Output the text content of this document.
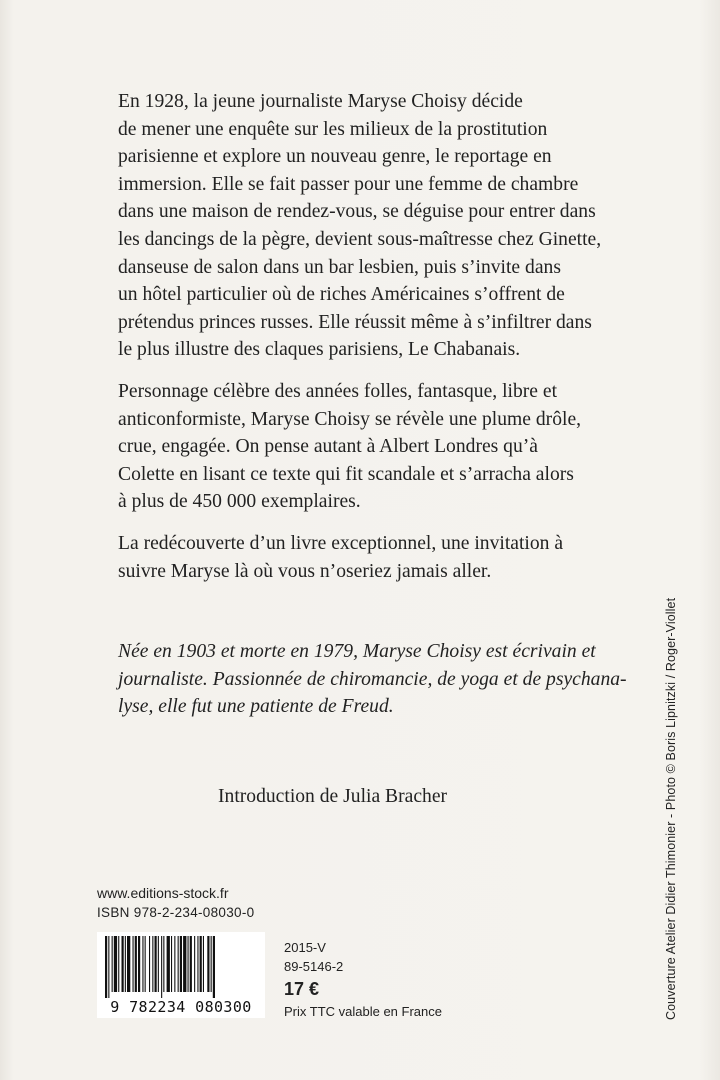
En 1928, la jeune journaliste Maryse Choisy décide
de mener une enquête sur les milieux de la prostitution
parisienne et explore un nouveau genre, le reportage en
immersion. Elle se fait passer pour une femme de chambre
dans une maison de rendez-vous, se déguise pour entrer dans
les dancings de la pègre, devient sous-maîtresse chez Ginette,
danseuse de salon dans un bar lesbien, puis s’invite dans
un hôtel particulier où de riches Américaines s’offrent de
prétendus princes russes. Elle réussit même à s’infiltrer dans
le plus illustre des claques parisiens, Le Chabanais.

Personnage célèbre des années folles, fantasque, libre et
anticonformiste, Maryse Choisy se révèle une plume drôle,
crue, engagée. On pense autant à Albert Londres qu’à
Colette en lisant ce texte qui fit scandale et s’arracha alors
à plus de 450 000 exemplaires.

La redécouverte d’un livre exceptionnel, une invitation à
suivre Maryse là où vous n’oseriez jamais aller.

Née en 1903 et morte en 1979, Maryse Choisy est écrivain et
journaliste. Passionnée de chiromancie, de yoga et de psychana-
lyse, elle fut une patiente de Freud.
Introduction de Julia Bracher
www.editions-stock.fr
ISBN 978-2-234-08030-0
9 782234 080300
2015-V
89-5146-2
17 €
Prix TTC valable en France	Couverture Atelier Didier Thimonier - Photo © Boris Lipnitzki / Roger-Viollet
